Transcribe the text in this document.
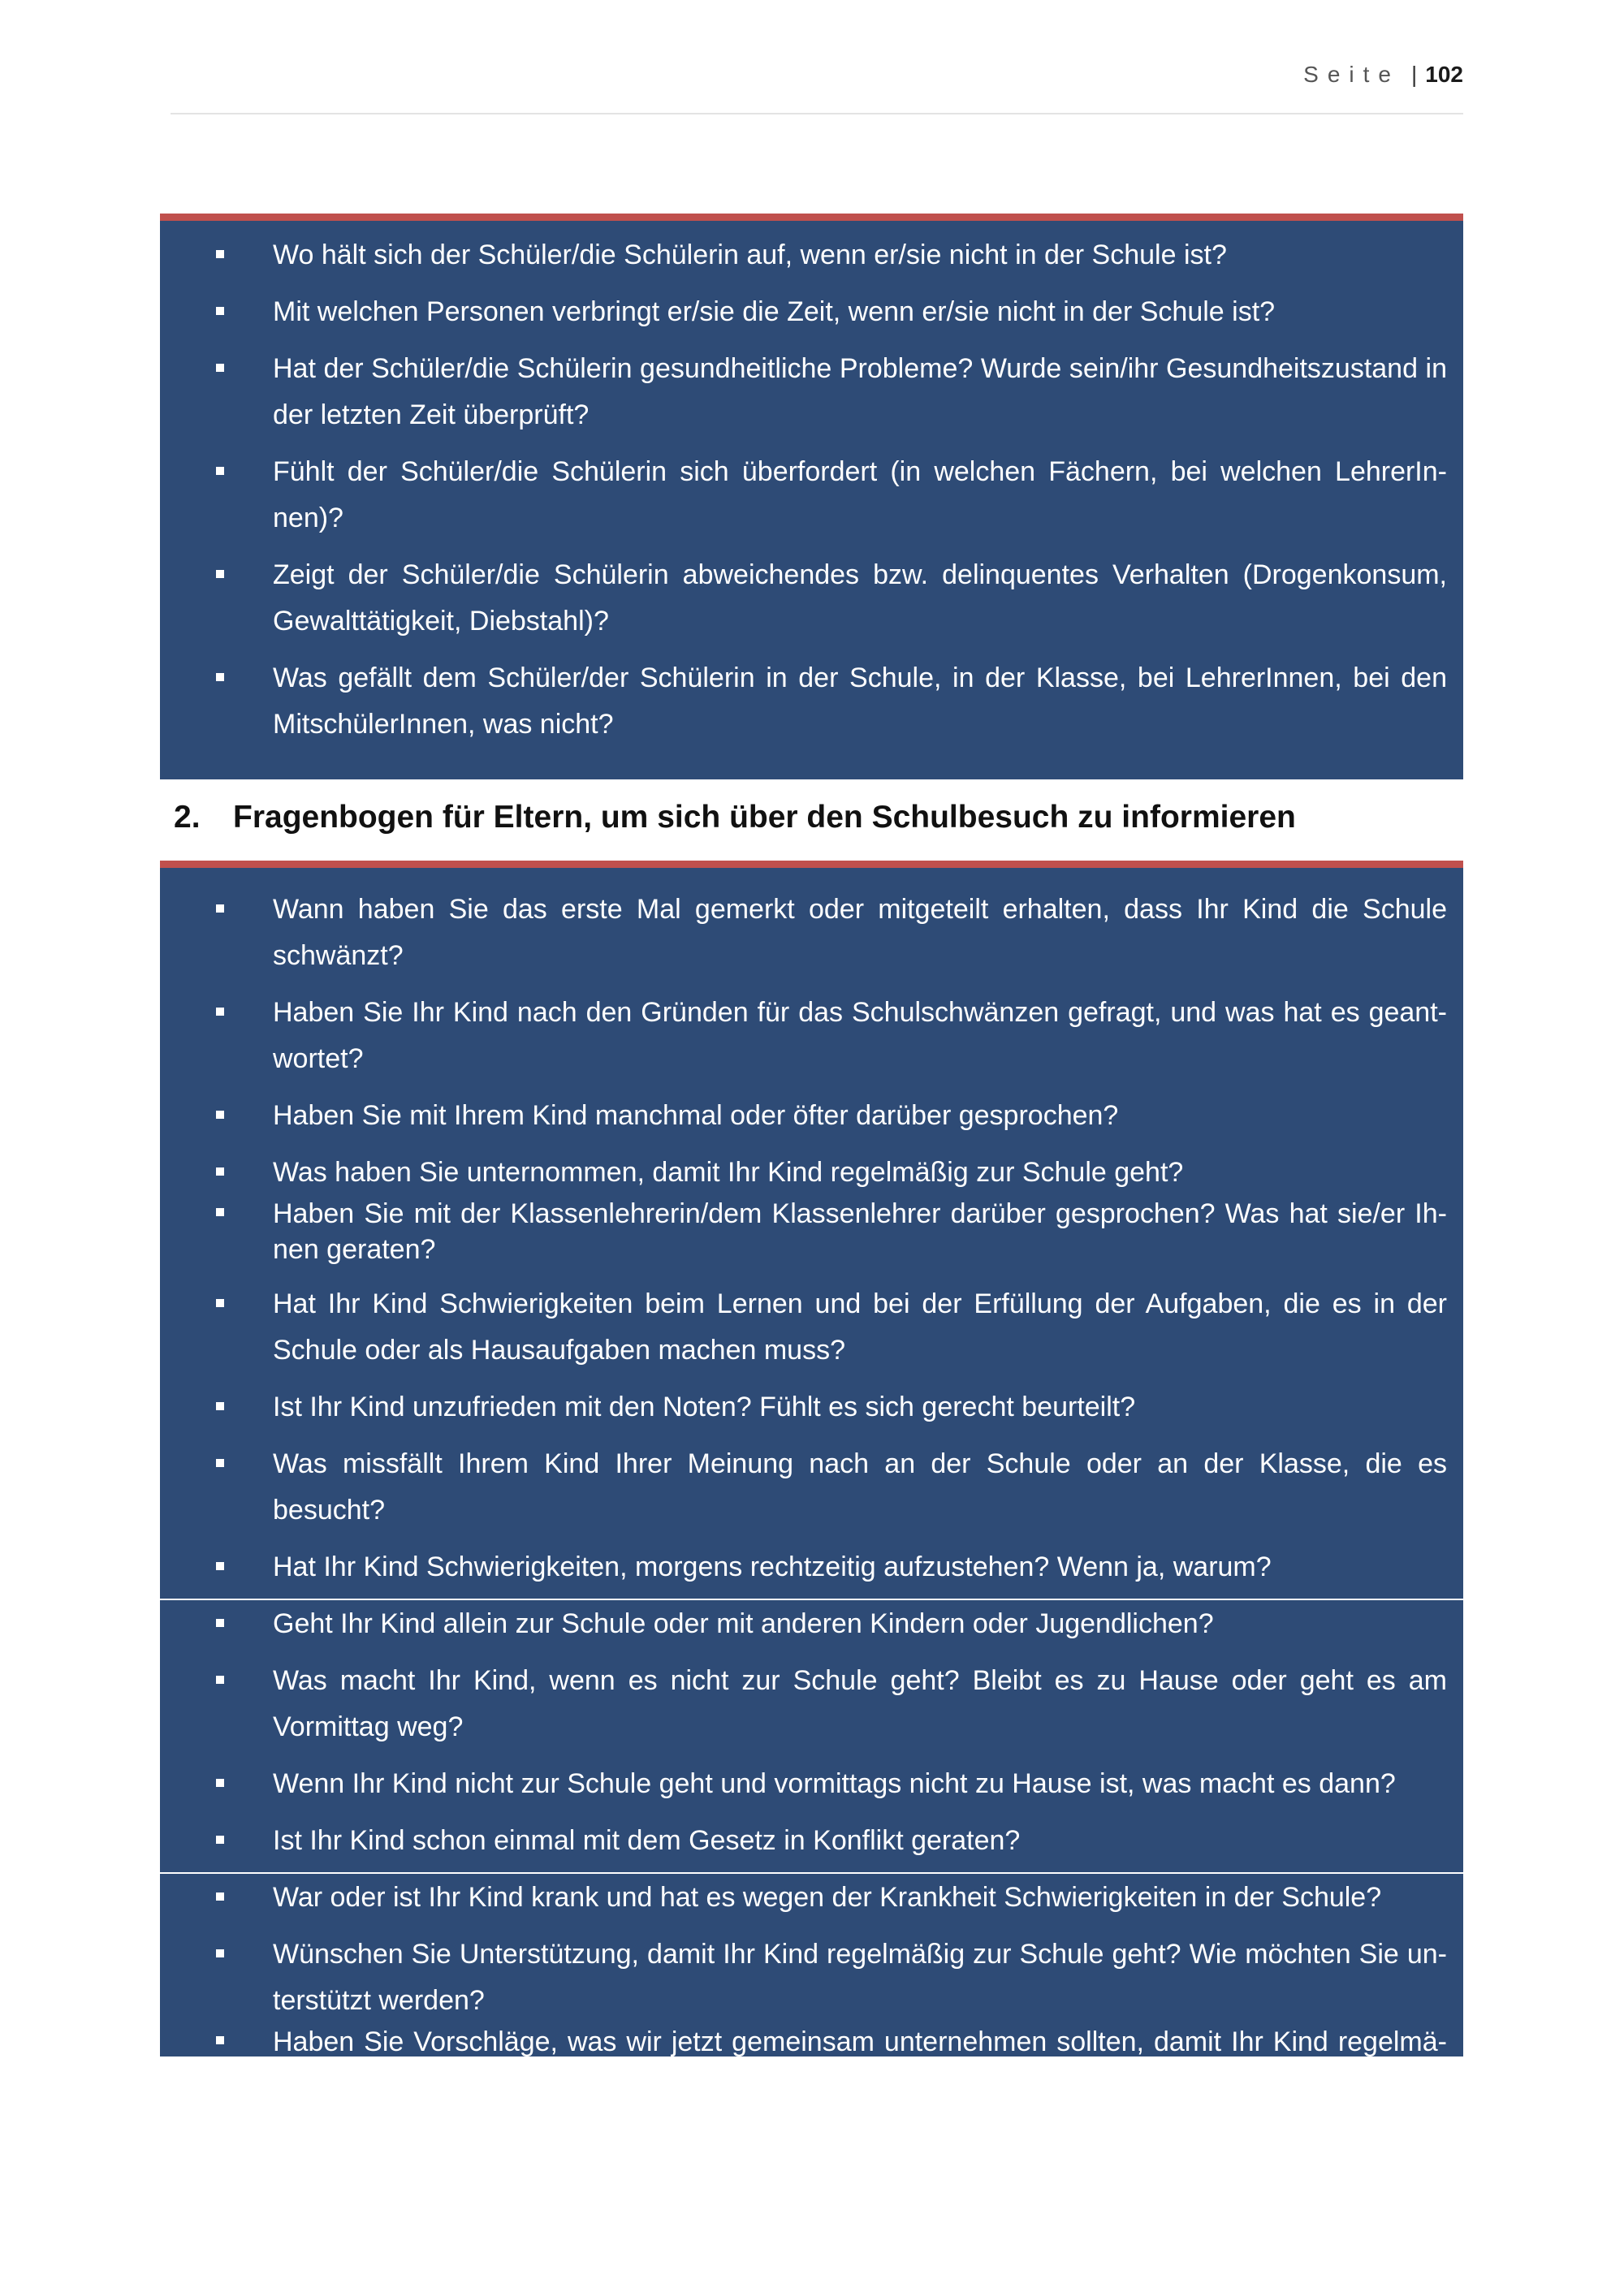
Seite | 102
Wo hält sich der Schüler/die Schülerin auf, wenn er/sie nicht in der Schule ist?
Mit welchen Personen verbringt er/sie die Zeit, wenn er/sie nicht in der Schule ist?
Hat der Schüler/die Schülerin gesundheitliche Probleme? Wurde sein/ihr Gesundheitszustand in der letzten Zeit überprüft?
Fühlt der Schüler/die Schülerin sich überfordert (in welchen Fächern, bei welchen LehrerInnen)?
Zeigt der Schüler/die Schülerin abweichendes bzw. delinquentes Verhalten (Drogenkonsum, Gewalttätigkeit, Diebstahl)?
Was gefällt dem Schüler/der Schülerin in der Schule, in der Klasse, bei LehrerInnen, bei den MitschülerInnen, was nicht?
2. Fragenbogen für Eltern, um sich über den Schulbesuch zu informieren
Wann haben Sie das erste Mal gemerkt oder mitgeteilt erhalten, dass Ihr Kind die Schule schwänzt?
Haben Sie Ihr Kind nach den Gründen für das Schulschwänzen gefragt, und was hat es geantwortet?
Haben Sie mit Ihrem Kind manchmal oder öfter darüber gesprochen?
Was haben Sie unternommen, damit Ihr Kind regelmäßig zur Schule geht?
Haben Sie mit der Klassenlehrerin/dem Klassenlehrer darüber gesprochen? Was hat sie/er Ihnen geraten?
Hat Ihr Kind Schwierigkeiten beim Lernen und bei der Erfüllung der Aufgaben, die es in der Schule oder als Hausaufgaben machen muss?
Ist Ihr Kind unzufrieden mit den Noten? Fühlt es sich gerecht beurteilt?
Was missfällt Ihrem Kind Ihrer Meinung nach an der Schule oder an der Klasse, die es besucht?
Hat Ihr Kind Schwierigkeiten, morgens rechtzeitig aufzustehen? Wenn ja, warum?
Geht Ihr Kind allein zur Schule oder mit anderen Kindern oder Jugendlichen?
Was macht Ihr Kind, wenn es nicht zur Schule geht? Bleibt es zu Hause oder geht es am Vormittag weg?
Wenn Ihr Kind nicht zur Schule geht und vormittags nicht zu Hause ist, was macht es dann?
Ist Ihr Kind schon einmal mit dem Gesetz in Konflikt geraten?
War oder ist Ihr Kind krank und hat es wegen der Krankheit Schwierigkeiten in der Schule?
Wünschen Sie Unterstützung, damit Ihr Kind regelmäßig zur Schule geht? Wie möchten Sie unterstützt werden?
Haben Sie Vorschläge, was wir jetzt gemeinsam unternehmen sollten, damit Ihr Kind regelmäßig zur Schule geht?
